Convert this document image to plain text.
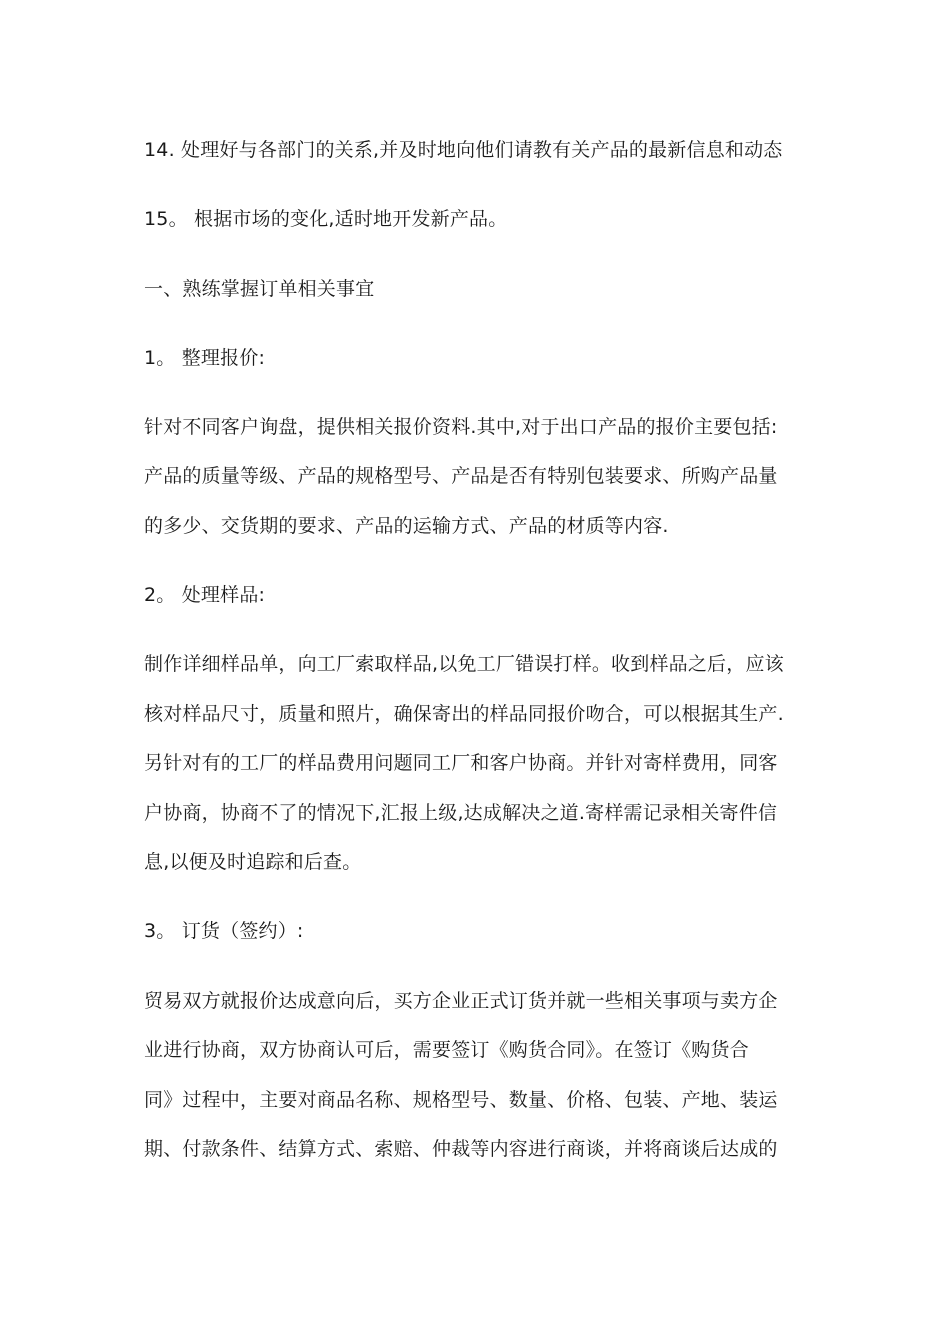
14. 处理好与各部门的关系,并及时地向他们请教有关产品的最新信息和动态
15。 根据市场的变化,适时地开发新产品。
一、熟练掌握订单相关事宜
1。 整理报价:
针对不同客户询盘，提供相关报价资料.其中,对于出口产品的报价主要包括:
产品的质量等级、产品的规格型号、产品是否有特别包装要求、所购产品量
的多少、交货期的要求、产品的运输方式、产品的材质等内容.
2。 处理样品:
制作详细样品单，向工厂索取样品,以免工厂错误打样。收到样品之后，应该
核对样品尺寸，质量和照片，确保寄出的样品同报价吻合，可以根据其生产.
另针对有的工厂的样品费用问题同工厂和客户协商。并针对寄样费用，同客
户协商，协商不了的情况下,汇报上级,达成解决之道.寄样需记录相关寄件信
息,以便及时追踪和后查。
3。 订货（签约）:
贸易双方就报价达成意向后，买方企业正式订货并就一些相关事项与卖方企
业进行协商，双方协商认可后，需要签订《购货合同》。在签订《购货合
同》过程中，主要对商品名称、规格型号、数量、价格、包装、产地、装运
期、付款条件、结算方式、索赔、仲裁等内容进行商谈，并将商谈后达成的
